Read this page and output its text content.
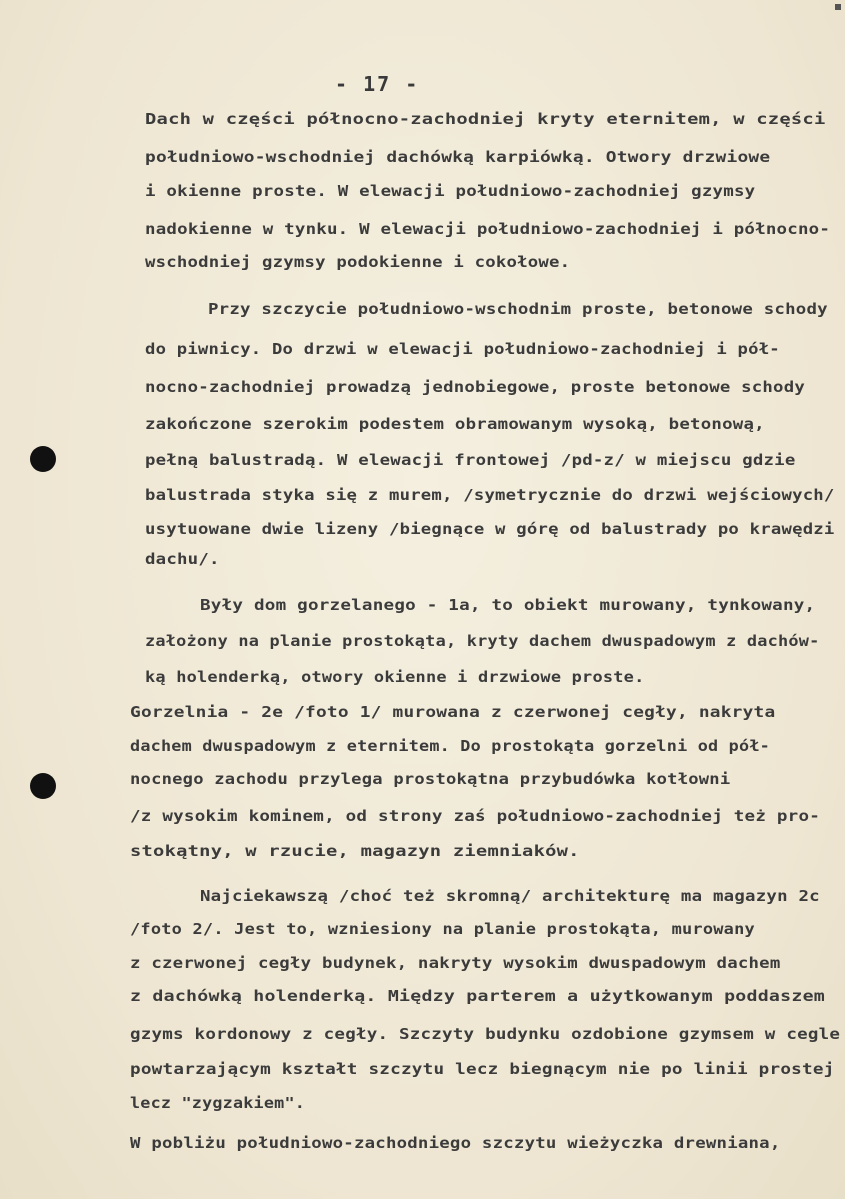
- 17 -
Dach w części północno-zachodniej kryty eternitem, w części
południowo-wschodniej dachówką karpiówką. Otwory drzwiowe
i okienne proste. W elewacji południowo-zachodniej gzymsy
nadokienne w tynku. W elewacji południowo-zachodniej i północno-
wschodniej gzymsy podokienne i cokołowe.
Przy szczycie południowo-wschodnim proste, betonowe schody
do piwnicy. Do drzwi w elewacji południowo-zachodniej i pół-
nocno-zachodniej prowadzą jednobiegowe, proste betonowe schody
zakończone szerokim podestem obramowanym wysoką, betonową,
pełną balustradą. W elewacji frontowej /pd-z/ w miejscu gdzie
balustrada styka się z murem, /symetrycznie do drzwi wejściowych/
usytuowane dwie lizeny /biegnące w górę od balustrady po krawędzi
dachu/.
Były dom gorzelanego - 1a, to obiekt murowany, tynkowany,
założony na planie prostokąta, kryty dachem dwuspadowym z dachów-
ką holenderką, otwory okienne i drzwiowe proste.
Gorzelnia - 2e /foto 1/ murowana z czerwonej cegły, nakryta
dachem dwuspadowym z eternitem. Do prostokąta gorzelni od pół-
nocnego zachodu przylega prostokątna przybudówka kotłowni
/z wysokim kominem, od strony zaś południowo-zachodniej też pro-
stokątny, w rzucie, magazyn ziemniaków.
Najciekawszą /choć też skromną/ architekturę ma magazyn 2c
/foto 2/. Jest to, wzniesiony na planie prostokąta, murowany
z czerwonej cegły budynek, nakryty wysokim dwuspadowym dachem
z dachówką holenderką. Między parterem a użytkowanym poddaszem
gzyms kordonowy z cegły. Szczyty budynku ozdobione gzymsem w cegle
powtarzającym kształt szczytu lecz biegnącym nie po linii prostej
lecz "zygzakiem".
W pobliżu południowo-zachodniego szczytu wieżyczka drewniana,
